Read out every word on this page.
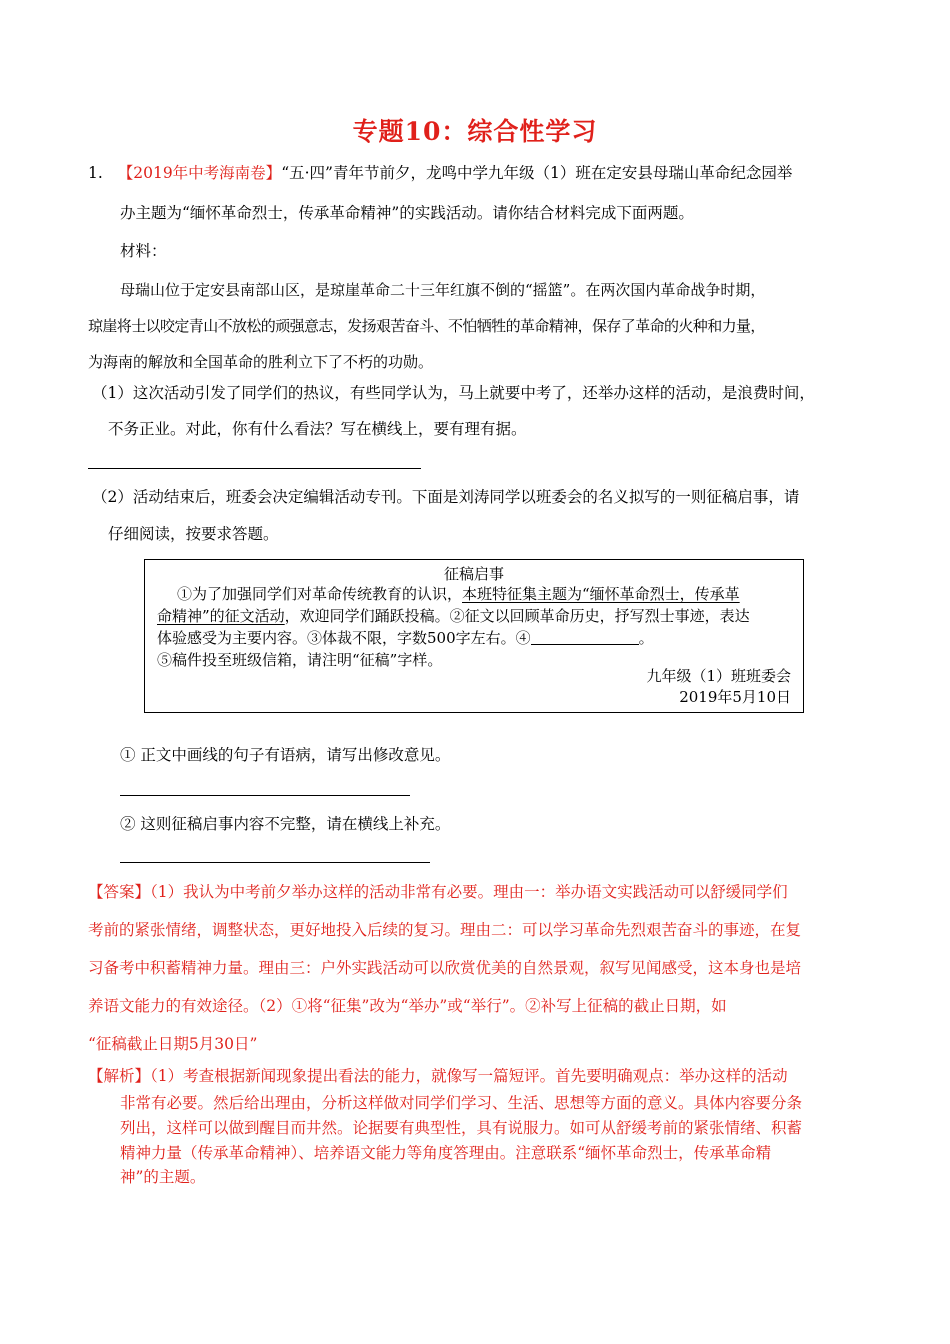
专题10：综合性学习
1. 【2019年中考海南卷】“五·四”青年节前夕，龙鸣中学九年级（1）班在定安县母瑞山革命纪念园举
办主题为“缅怀革命烈士，传承革命精神”的实践活动。请你结合材料完成下面两题。
材料：
母瑞山位于定安县南部山区，是琼崖革命二十三年红旗不倒的“摇篮”。在两次国内革命战争时期，
琼崖将士以咬定青山不放松的顽强意志，发扬艰苦奋斗、不怕牺牲的革命精神，保存了革命的火种和力量，
为海南的解放和全国革命的胜利立下了不朽的功勋。
（1）这次活动引发了同学们的热议，有些同学认为，马上就要中考了，还举办这样的活动，是浪费时间，
不务正业。对此，你有什么看法？写在横线上，要有理有据。
（2）活动结束后，班委会决定编辑活动专刊。下面是刘涛同学以班委会的名义拟写的一则征稿启事，请
仔细阅读，按要求答题。
征稿启事
①为了加强同学们对革命传统教育的认识，本班特征集主题为“缅怀革命烈士，传承革
命精神”的征文活动，欢迎同学们踊跃投稿。②征文以回顾革命历史，抒写烈士事迹，表达
体验感受为主要内容。③体裁不限，字数500字左右。④	。
⑤稿件投至班级信箱，请注明“征稿”字样。
九年级（1）班班委会
2019年5月10日
① 正文中画线的句子有语病，请写出修改意见。
② 这则征稿启事内容不完整，请在横线上补充。
【答案】（1）我认为中考前夕举办这样的活动非常有必要。理由一：举办语文实践活动可以舒缓同学们
考前的紧张情绪，调整状态，更好地投入后续的复习。理由二：可以学习革命先烈艰苦奋斗的事迹，在复
习备考中积蓄精神力量。理由三：户外实践活动可以欣赏优美的自然景观，叙写见闻感受，这本身也是培
养语文能力的有效途径。（2）①将“征集”改为“举办”或“举行”。②补写上征稿的截止日期，如
“征稿截止日期5月30日”
【解析】（1）考查根据新闻现象提出看法的能力，就像写一篇短评。首先要明确观点：举办这样的活动
非常有必要。然后给出理由，分析这样做对同学们学习、生活、思想等方面的意义。具体内容要分条
列出，这样可以做到醒目而井然。论据要有典型性，具有说服力。如可从舒缓考前的紧张情绪、积蓄
精神力量（传承革命精神）、培养语文能力等角度答理由。注意联系“缅怀革命烈士，传承革命精
神”的主题。
